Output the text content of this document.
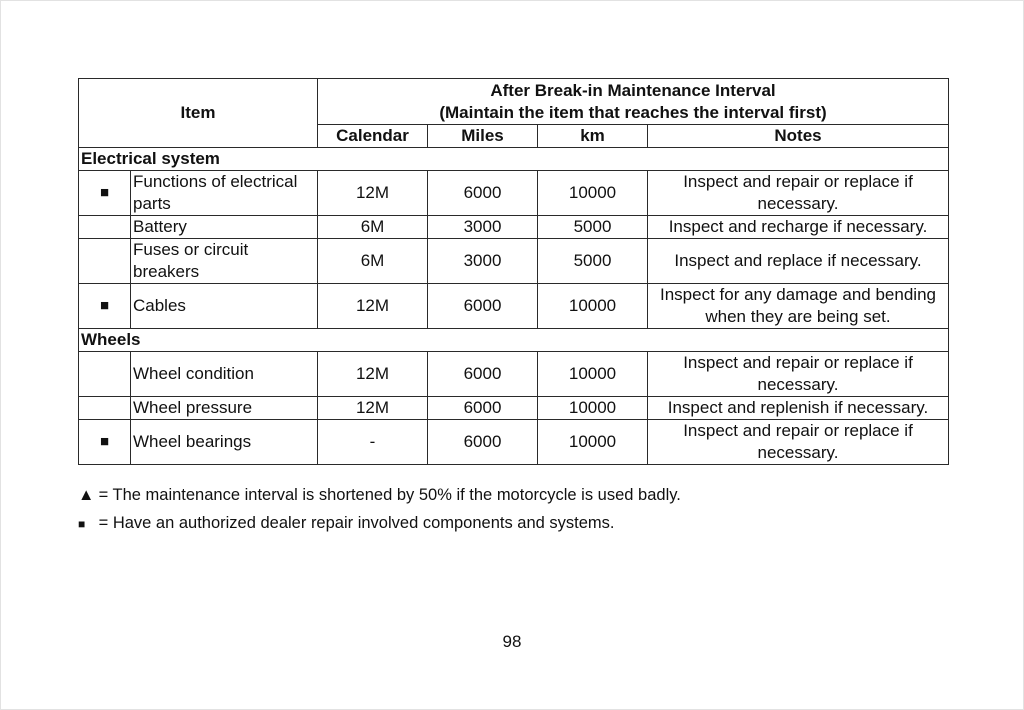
Item		After Break-in Maintenance Interval
(Maintain the item that reaches the interval first)			

		Calendar	Miles	km	Notes
Electrical system					
■	Functions of electrical parts	12M	6000	10000	Inspect and repair or replace if necessary.
	Battery	6M	3000	5000	Inspect and recharge if necessary.
	Fuses or circuit breakers	6M	3000	5000	Inspect and replace if necessary.
■	Cables	12M	6000	10000	Inspect for any damage and bending when they are being set.
Wheels					
	Wheel condition	12M	6000	10000	Inspect and repair or replace if necessary.
	Wheel pressure	12M	6000	10000	Inspect and replenish if necessary.
■	Wheel bearings	-	6000	10000	Inspect and repair or replace if necessary.
▲ = The maintenance interval is shortened by 50% if the motorcycle is used badly.
■ = Have an authorized dealer repair involved components and systems.
98
